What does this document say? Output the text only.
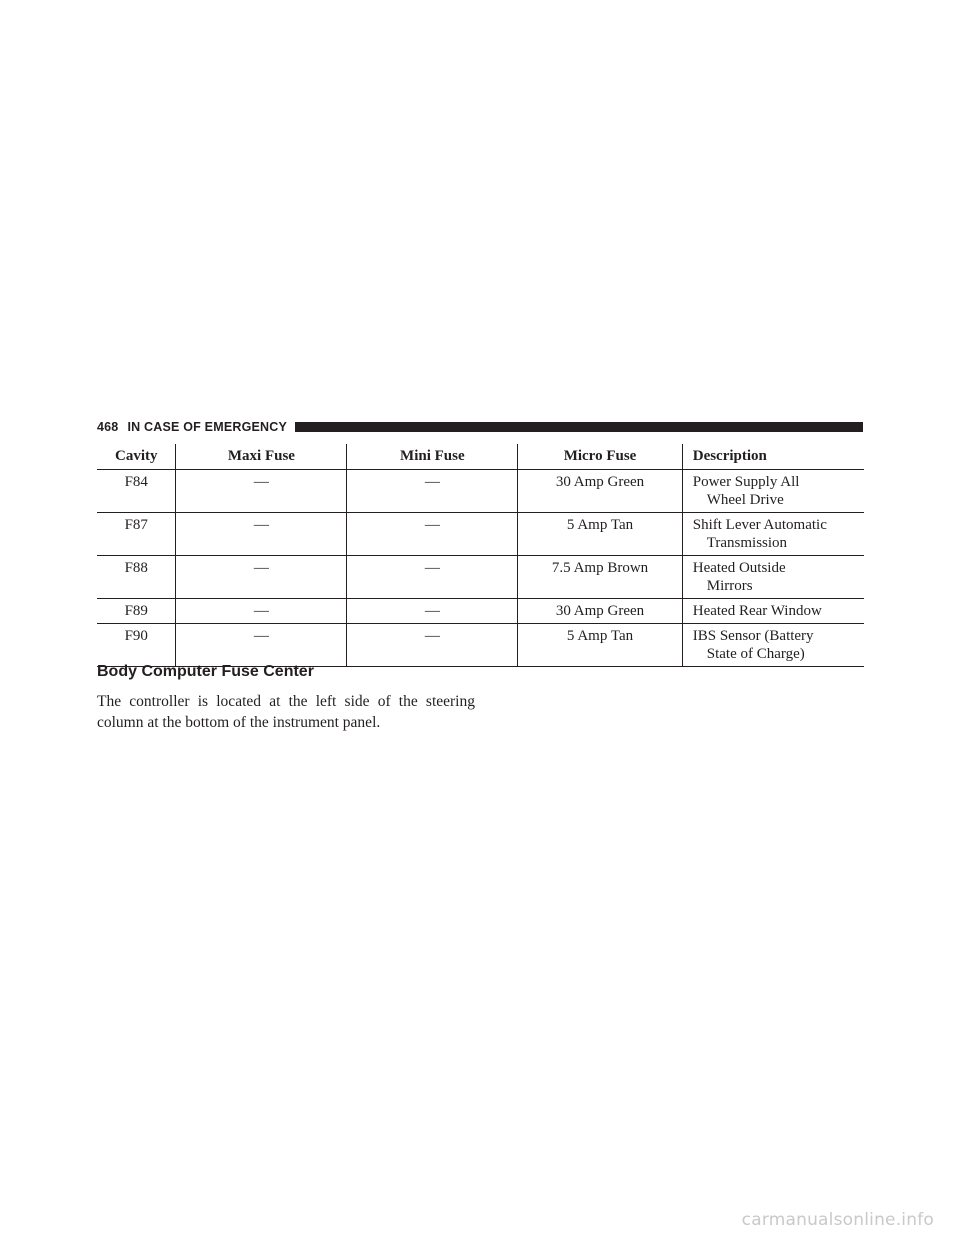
468 IN CASE OF EMERGENCY
Cavity	Maxi Fuse	Mini Fuse	Micro Fuse	Description
F84	—	—	30 Amp Green	Power Supply All
Wheel Drive

F87	—	—	5 Amp Tan	Shift Lever Automatic
Transmission

F88	—	—	7.5 Amp Brown	Heated Outside
Mirrors

F89	—	—	30 Amp Green	Heated Rear Window
F90	—	—	5 Amp Tan	IBS Sensor (Battery
State of Charge)
Body Computer Fuse Center

The controller is located at the left side of the steering column at the bottom of the instrument panel.

carmanualsonline.info
